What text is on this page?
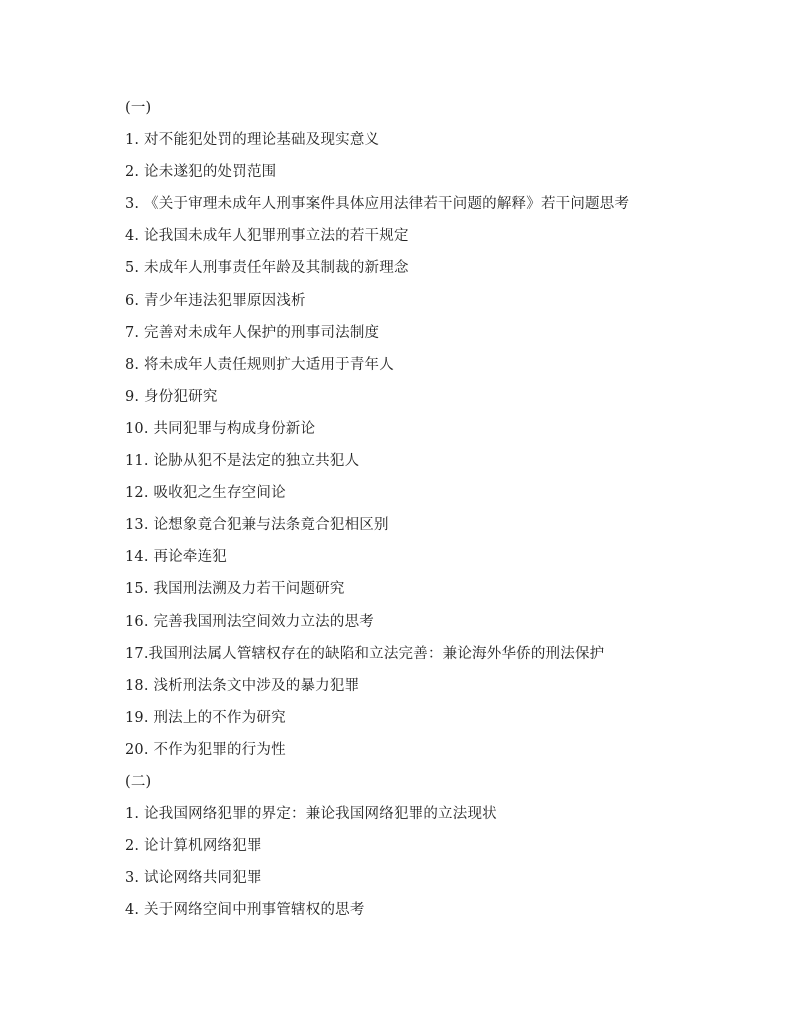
(一)
1. 对不能犯处罚的理论基础及现实意义
2. 论未遂犯的处罚范围
3. 《关于审理未成年人刑事案件具体应用法律若干问题的解释》若干问题思考
4. 论我国未成年人犯罪刑事立法的若干规定
5. 未成年人刑事责任年龄及其制裁的新理念
6. 青少年违法犯罪原因浅析
7. 完善对未成年人保护的刑事司法制度
8. 将未成年人责任规则扩大适用于青年人
9. 身份犯研究
10. 共同犯罪与构成身份新论
11. 论胁从犯不是法定的独立共犯人
12. 吸收犯之生存空间论
13. 论想象竟合犯兼与法条竟合犯相区别
14. 再论牵连犯
15. 我国刑法溯及力若干问题研究
16. 完善我国刑法空间效力立法的思考
17.我国刑法属人管辖权存在的缺陷和立法完善：兼论海外华侨的刑法保护
18. 浅析刑法条文中涉及的暴力犯罪
19. 刑法上的不作为研究
20. 不作为犯罪的行为性
(二)
1. 论我国网络犯罪的界定：兼论我国网络犯罪的立法现状
2. 论计算机网络犯罪
3. 试论网络共同犯罪
4. 关于网络空间中刑事管辖权的思考
